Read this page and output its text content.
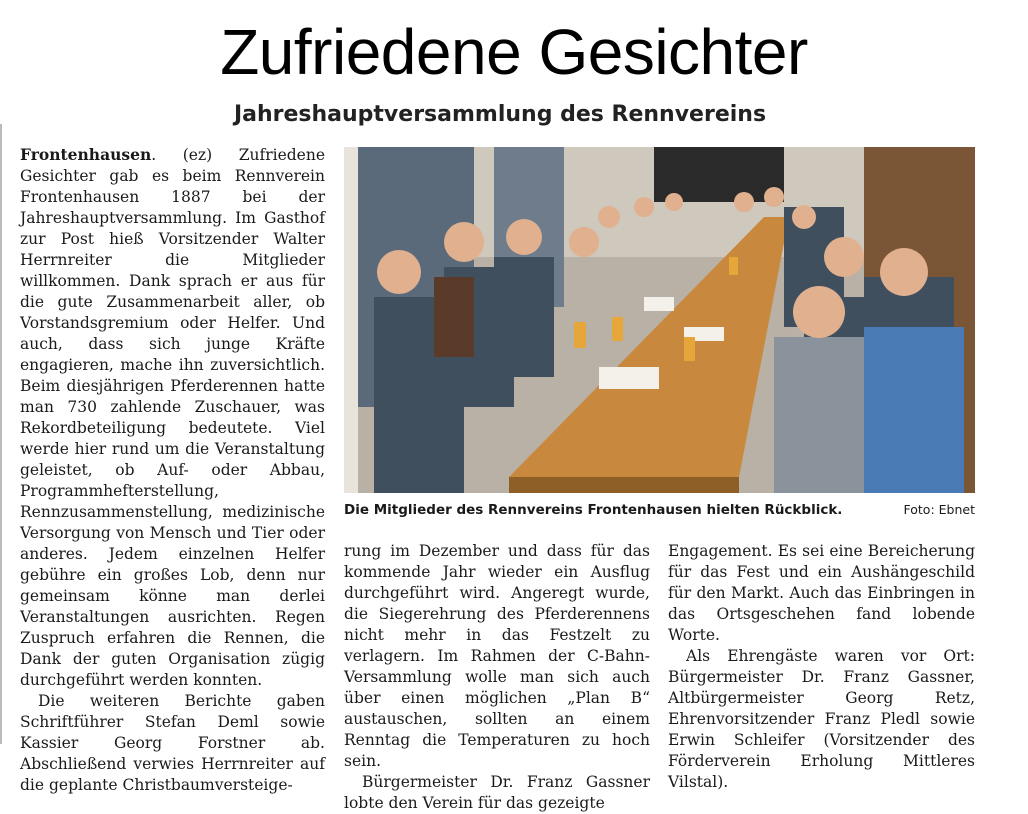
Zufriedene Gesichter
Jahreshauptversammlung des Rennvereins

Frontenhausen. (ez) Zufriedene Gesichter gab es beim Rennverein Frontenhausen 1887 bei der Jahreshauptversammlung. Im Gasthof zur Post hieß Vorsitzender Walter Herrnreiter die Mitglieder willkommen. Dank sprach er aus für die gute Zusammenarbeit aller, ob Vorstandsgremium oder Helfer. Und auch, dass sich junge Kräfte engagieren, mache ihn zuversichtlich. Beim diesjährigen Pferderennen hatte man 730 zahlende Zuschauer, was Rekordbeteiligung bedeutete. Viel werde hier rund um die Veranstaltung geleistet, ob Auf- oder Abbau, Programmhefterstellung, Rennzusammenstellung, medizinische Versorgung von Mensch und Tier oder anderes. Jedem einzelnen Helfer gebühre ein großes Lob, denn nur gemeinsam könne man derlei Veranstaltungen ausrichten. Regen Zuspruch erfahren die Rennen, die Dank der guten Organisation zügig durchgeführt werden konnten.

Die weiteren Berichte gaben Schriftführer Stefan Deml sowie Kassier Georg Forstner ab. Abschließend verwies Herrnreiter auf die geplante Christbaumversteige-

Die Mitglieder des Rennvereins Frontenhausen hielten Rückblick.	Foto: Ebnet

rung im Dezember und dass für das kommende Jahr wieder ein Ausflug durchgeführt wird. Angeregt wurde, die Siegerehrung des Pferderennens nicht mehr in das Festzelt zu verlagern. Im Rahmen der C-Bahn-Versammlung wolle man sich auch über einen möglichen „Plan B“ austauschen, sollten an einem Renntag die Temperaturen zu hoch sein.

Bürgermeister Dr. Franz Gassner lobte den Verein für das gezeigte

Engagement. Es sei eine Bereicherung für das Fest und ein Aushängeschild für den Markt. Auch das Einbringen in das Ortsgeschehen fand lobende Worte.

Als Ehrengäste waren vor Ort: Bürgermeister Dr. Franz Gassner, Altbürgermeister Georg Retz, Ehrenvorsitzender Franz Pledl sowie Erwin Schleifer (Vorsitzender des Förderverein Erholung Mittleres Vilstal).
